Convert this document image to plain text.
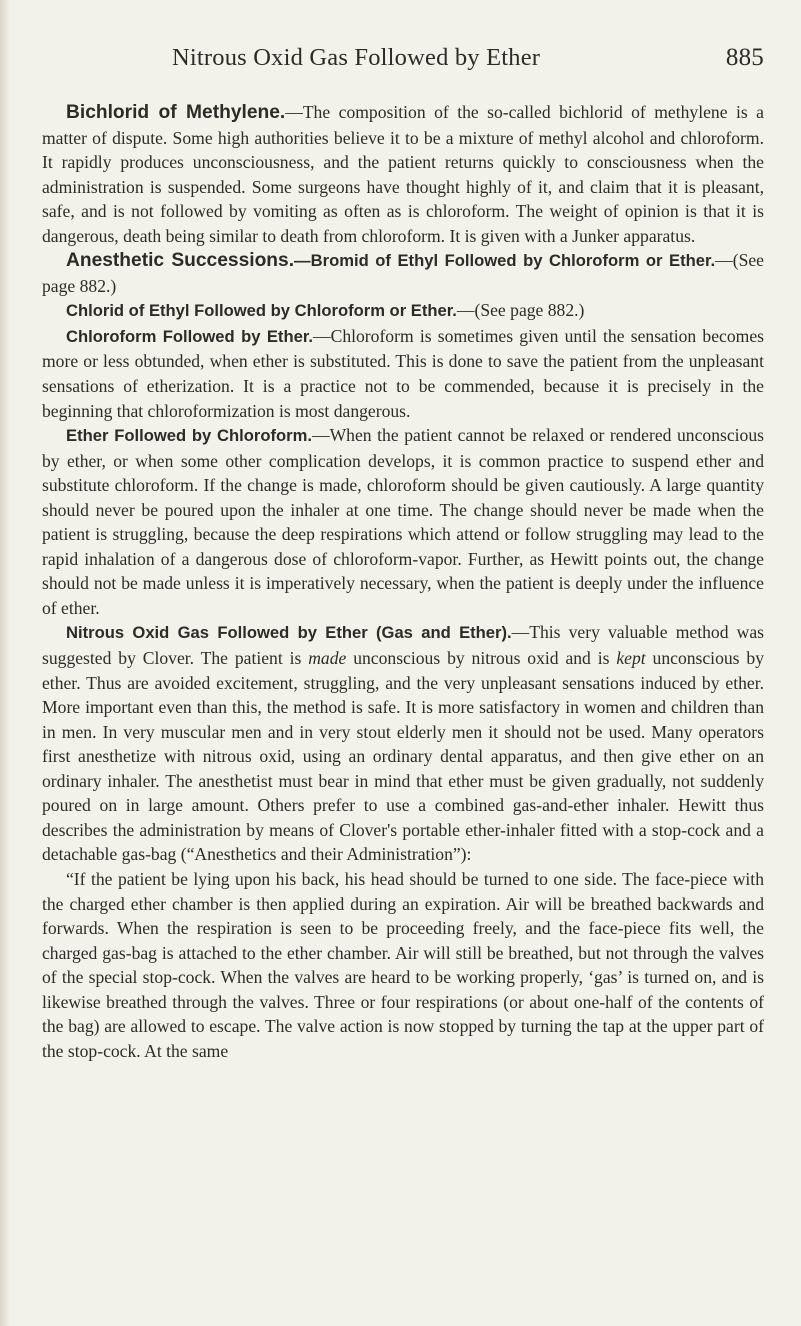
Nitrous Oxid Gas Followed by Ether	885

Bichlorid of Methylene.—The composition of the so-called bichlorid of methylene is a matter of dispute. Some high authorities believe it to be a mixture of methyl alcohol and chloroform. It rapidly produces unconsciousness, and the patient returns quickly to consciousness when the administration is suspended. Some surgeons have thought highly of it, and claim that it is pleasant, safe, and is not followed by vomiting as often as is chloroform. The weight of opinion is that it is dangerous, death being similar to death from chloroform. It is given with a Junker apparatus.

Anesthetic Successions.—Bromid of Ethyl Followed by Chloroform or Ether.—(See page 882.)

Chlorid of Ethyl Followed by Chloroform or Ether.—(See page 882.)

Chloroform Followed by Ether.—Chloroform is sometimes given until the sensation becomes more or less obtunded, when ether is substituted. This is done to save the patient from the unpleasant sensations of etherization. It is a practice not to be commended, because it is precisely in the beginning that chloroformization is most dangerous.

Ether Followed by Chloroform.—When the patient cannot be relaxed or rendered unconscious by ether, or when some other complication develops, it is common practice to suspend ether and substitute chloroform. If the change is made, chloroform should be given cautiously. A large quantity should never be poured upon the inhaler at one time. The change should never be made when the patient is struggling, because the deep respirations which attend or follow struggling may lead to the rapid inhalation of a dangerous dose of chloroform-vapor. Further, as Hewitt points out, the change should not be made unless it is imperatively necessary, when the patient is deeply under the influence of ether.

Nitrous Oxid Gas Followed by Ether (Gas and Ether).—This very valuable method was suggested by Clover. The patient is made unconscious by nitrous oxid and is kept unconscious by ether. Thus are avoided excitement, struggling, and the very unpleasant sensations induced by ether. More important even than this, the method is safe. It is more satisfactory in women and children than in men. In very muscular men and in very stout elderly men it should not be used. Many operators first anesthetize with nitrous oxid, using an ordinary dental apparatus, and then give ether on an ordinary inhaler. The anesthetist must bear in mind that ether must be given gradually, not suddenly poured on in large amount. Others prefer to use a combined gas-and-ether inhaler. Hewitt thus describes the administration by means of Clover's portable ether-inhaler fitted with a stop-cock and a detachable gas-bag (“Anesthetics and their Administration”):

“If the patient be lying upon his back, his head should be turned to one side. The face-piece with the charged ether chamber is then applied during an expiration. Air will be breathed backwards and forwards. When the respiration is seen to be proceeding freely, and the face-piece fits well, the charged gas-bag is attached to the ether chamber. Air will still be breathed, but not through the valves of the special stop-cock. When the valves are heard to be working properly, ‘gas’ is turned on, and is likewise breathed through the valves. Three or four respirations (or about one-half of the contents of the bag) are allowed to escape. The valve action is now stopped by turning the tap at the upper part of the stop-cock. At the same
